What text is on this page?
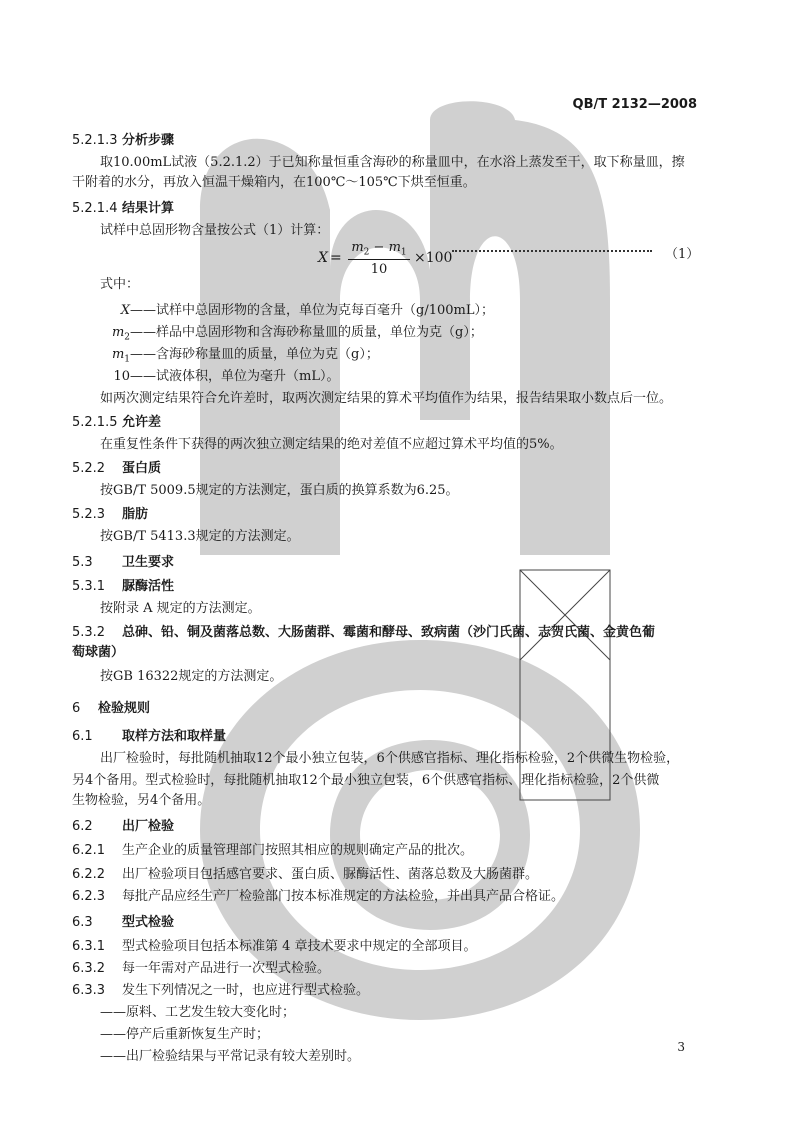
QB/T 2132—2008
5.2.1.3 分析步骤
取10.00mL试液（5.2.1.2）于已知称量恒重含海砂的称量皿中，在水浴上蒸发至干，取下称量皿，擦
干附着的水分，再放入恒温干燥箱内，在100℃～105℃下烘至恒重。
5.2.1.4 结果计算
试样中总固形物含量按公式（1）计算：
式中：
X——试样中总固形物的含量，单位为克每百毫升（g/100mL）；
$m_2——$样品中总固形物和含海砂称量皿的质量，单位为克（g）；
$m_1——$含海砂称量皿的质量，单位为克（g）；
10——试液体积，单位为毫升（mL）。
如两次测定结果符合允许差时，取两次测定结果的算术平均值作为结果，报告结果取小数点后一位。
5.2.1.5 允许差
在重复性条件下获得的两次独立测定结果的绝对差值不应超过算术平均值的5%。
5.2.2 蛋白质
按GB/T 5009.5规定的方法测定，蛋白质的换算系数为6.25。
5.2.3 脂肪
按GB/T 5413.3规定的方法测定。
5.3 卫生要求
5.3.1 脲酶活性
按附录 A 规定的方法测定。
5.3.2 总砷、铅、铜及菌落总数、大肠菌群、霉菌和酵母、致病菌（沙门氏菌、志贺氏菌、金黄色葡
萄球菌）
按GB 16322规定的方法测定。
6 检验规则
6.1 取样方法和取样量
出厂检验时，每批随机抽取12个最小独立包装，6个供感官指标、理化指标检验，2个供微生物检验，
另4个备用。型式检验时，每批随机抽取12个最小独立包装，6个供感官指标、理化指标检验，2个供微
生物检验，另4个备用。
6.2 出厂检验
6.2.1 生产企业的质量管理部门按照其相应的规则确定产品的批次。
6.2.2 出厂检验项目包括感官要求、蛋白质、脲酶活性、菌落总数及大肠菌群。
6.2.3 每批产品应经生产厂检验部门按本标准规定的方法检验，并出具产品合格证。
6.3 型式检验
6.3.1 型式检验项目包括本标准第 4 章技术要求中规定的全部项目。
6.3.2 每一年需对产品进行一次型式检验。
6.3.3 发生下列情况之一时，也应进行型式检验。
——原料、工艺发生较大变化时；
——停产后重新恢复生产时；
——出厂检验结果与平常记录有较大差别时。
X =
$m_2 - m_1$
10
×100	（1）
3
